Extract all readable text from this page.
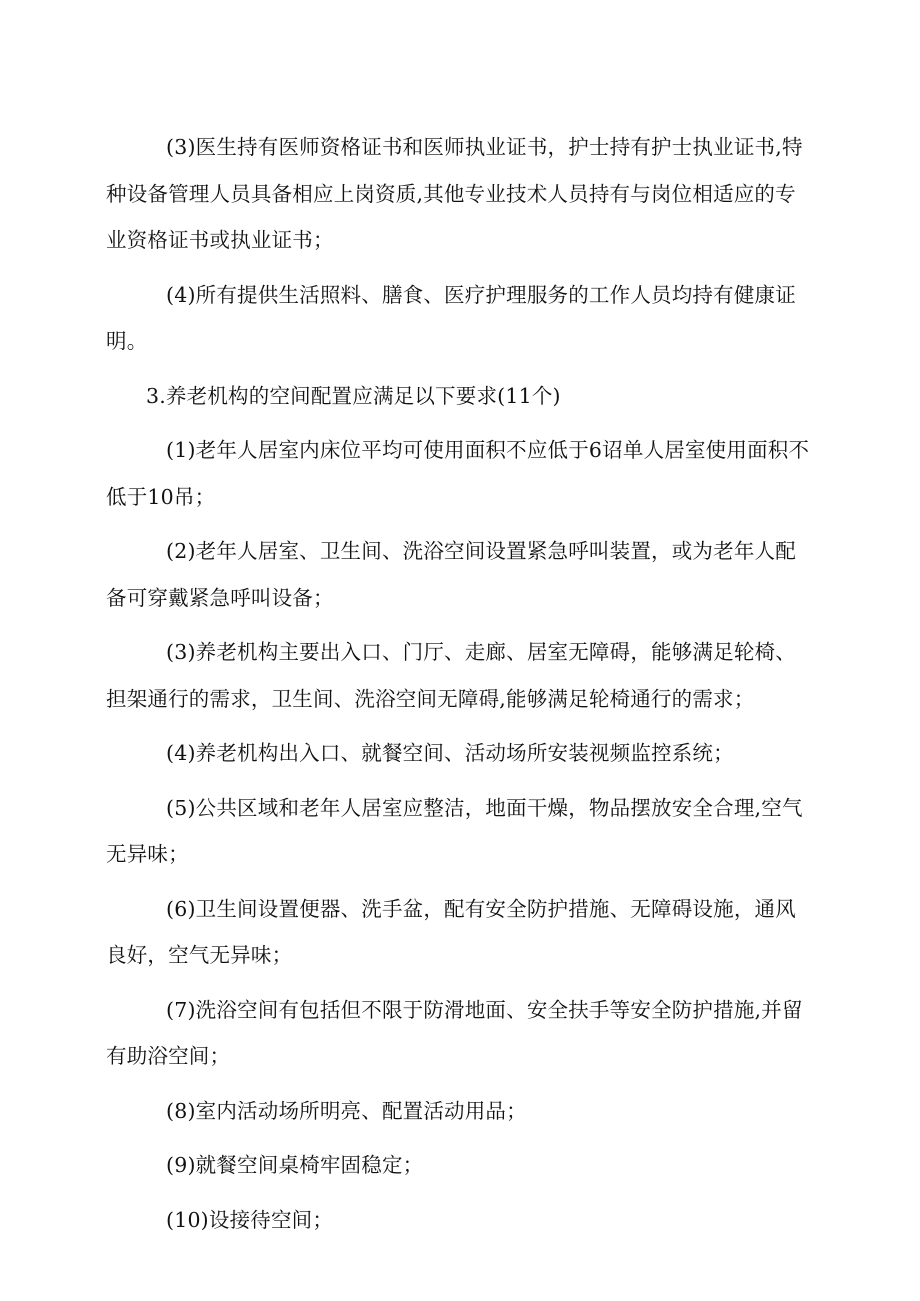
(3)医生持有医师资格证书和医师执业证书，护士持有护士执业证书,特种设备管理人员具备相应上岗资质,其他专业技术人员持有与岗位相适应的专业资格证书或执业证书；

(4)所有提供生活照料、膳食、医疗护理服务的工作人员均持有健康证明。

3.养老机构的空间配置应满足以下要求(11个)

(1)老年人居室内床位平均可使用面积不应低于6诏单人居室使用面积不低于10吊；

(2)老年人居室、卫生间、洗浴空间设置紧急呼叫装置，或为老年人配备可穿戴紧急呼叫设备；

(3)养老机构主要出入口、门厅、走廊、居室无障碍，能够满足轮椅、担架通行的需求，卫生间、洗浴空间无障碍,能够满足轮椅通行的需求；

(4)养老机构出入口、就餐空间、活动场所安装视频监控系统；

(5)公共区域和老年人居室应整洁，地面干燥，物品摆放安全合理,空气无异味；

(6)卫生间设置便器、洗手盆，配有安全防护措施、无障碍设施，通风良好，空气无异味；

(7)洗浴空间有包括但不限于防滑地面、安全扶手等安全防护措施,并留有助浴空间；

(8)室内活动场所明亮、配置活动用品；

(9)就餐空间桌椅牢固稳定；

(10)设接待空间；
